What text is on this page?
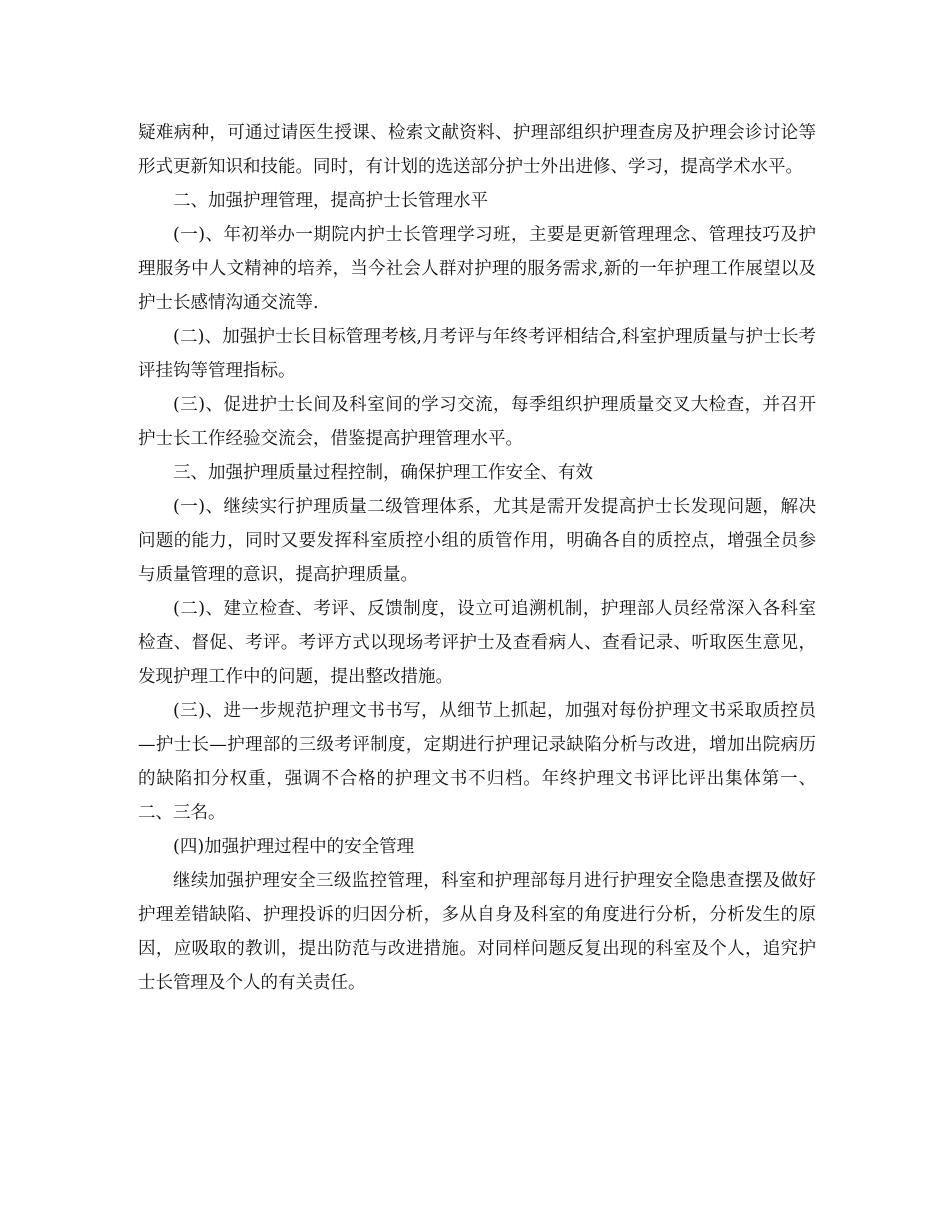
疑难病种，可通过请医生授课、检索文献资料、护理部组织护理查房及护理会诊讨论等形式更新知识和技能。同时，有计划的选送部分护士外出进修、学习，提高学术水平。

二、加强护理管理，提高护士长管理水平

(一)、年初举办一期院内护士长管理学习班，主要是更新管理理念、管理技巧及护理服务中人文精神的培养，当今社会人群对护理的服务需求,新的一年护理工作展望以及护士长感情沟通交流等.

(二)、加强护士长目标管理考核,月考评与年终考评相结合,科室护理质量与护士长考评挂钩等管理指标。

(三)、促进护士长间及科室间的学习交流，每季组织护理质量交叉大检查，并召开护士长工作经验交流会，借鉴提高护理管理水平。

三、加强护理质量过程控制，确保护理工作安全、有效

(一)、继续实行护理质量二级管理体系，尤其是需开发提高护士长发现问题，解决问题的能力，同时又要发挥科室质控小组的质管作用，明确各自的质控点，增强全员参与质量管理的意识，提高护理质量。

(二)、建立检查、考评、反馈制度，设立可追溯机制，护理部人员经常深入各科室检查、督促、考评。考评方式以现场考评护士及查看病人、查看记录、听取医生意见，发现护理工作中的问题，提出整改措施。

(三)、进一步规范护理文书书写，从细节上抓起，加强对每份护理文书采取质控员—护士长—护理部的三级考评制度，定期进行护理记录缺陷分析与改进，增加出院病历的缺陷扣分权重，强调不合格的护理文书不归档。年终护理文书评比评出集体第一、二、三名。

(四)加强护理过程中的安全管理

继续加强护理安全三级监控管理，科室和护理部每月进行护理安全隐患查摆及做好护理差错缺陷、护理投诉的归因分析，多从自身及科室的角度进行分析，分析发生的原因，应吸取的教训，提出防范与改进措施。对同样问题反复出现的科室及个人，追究护士长管理及个人的有关责任。
